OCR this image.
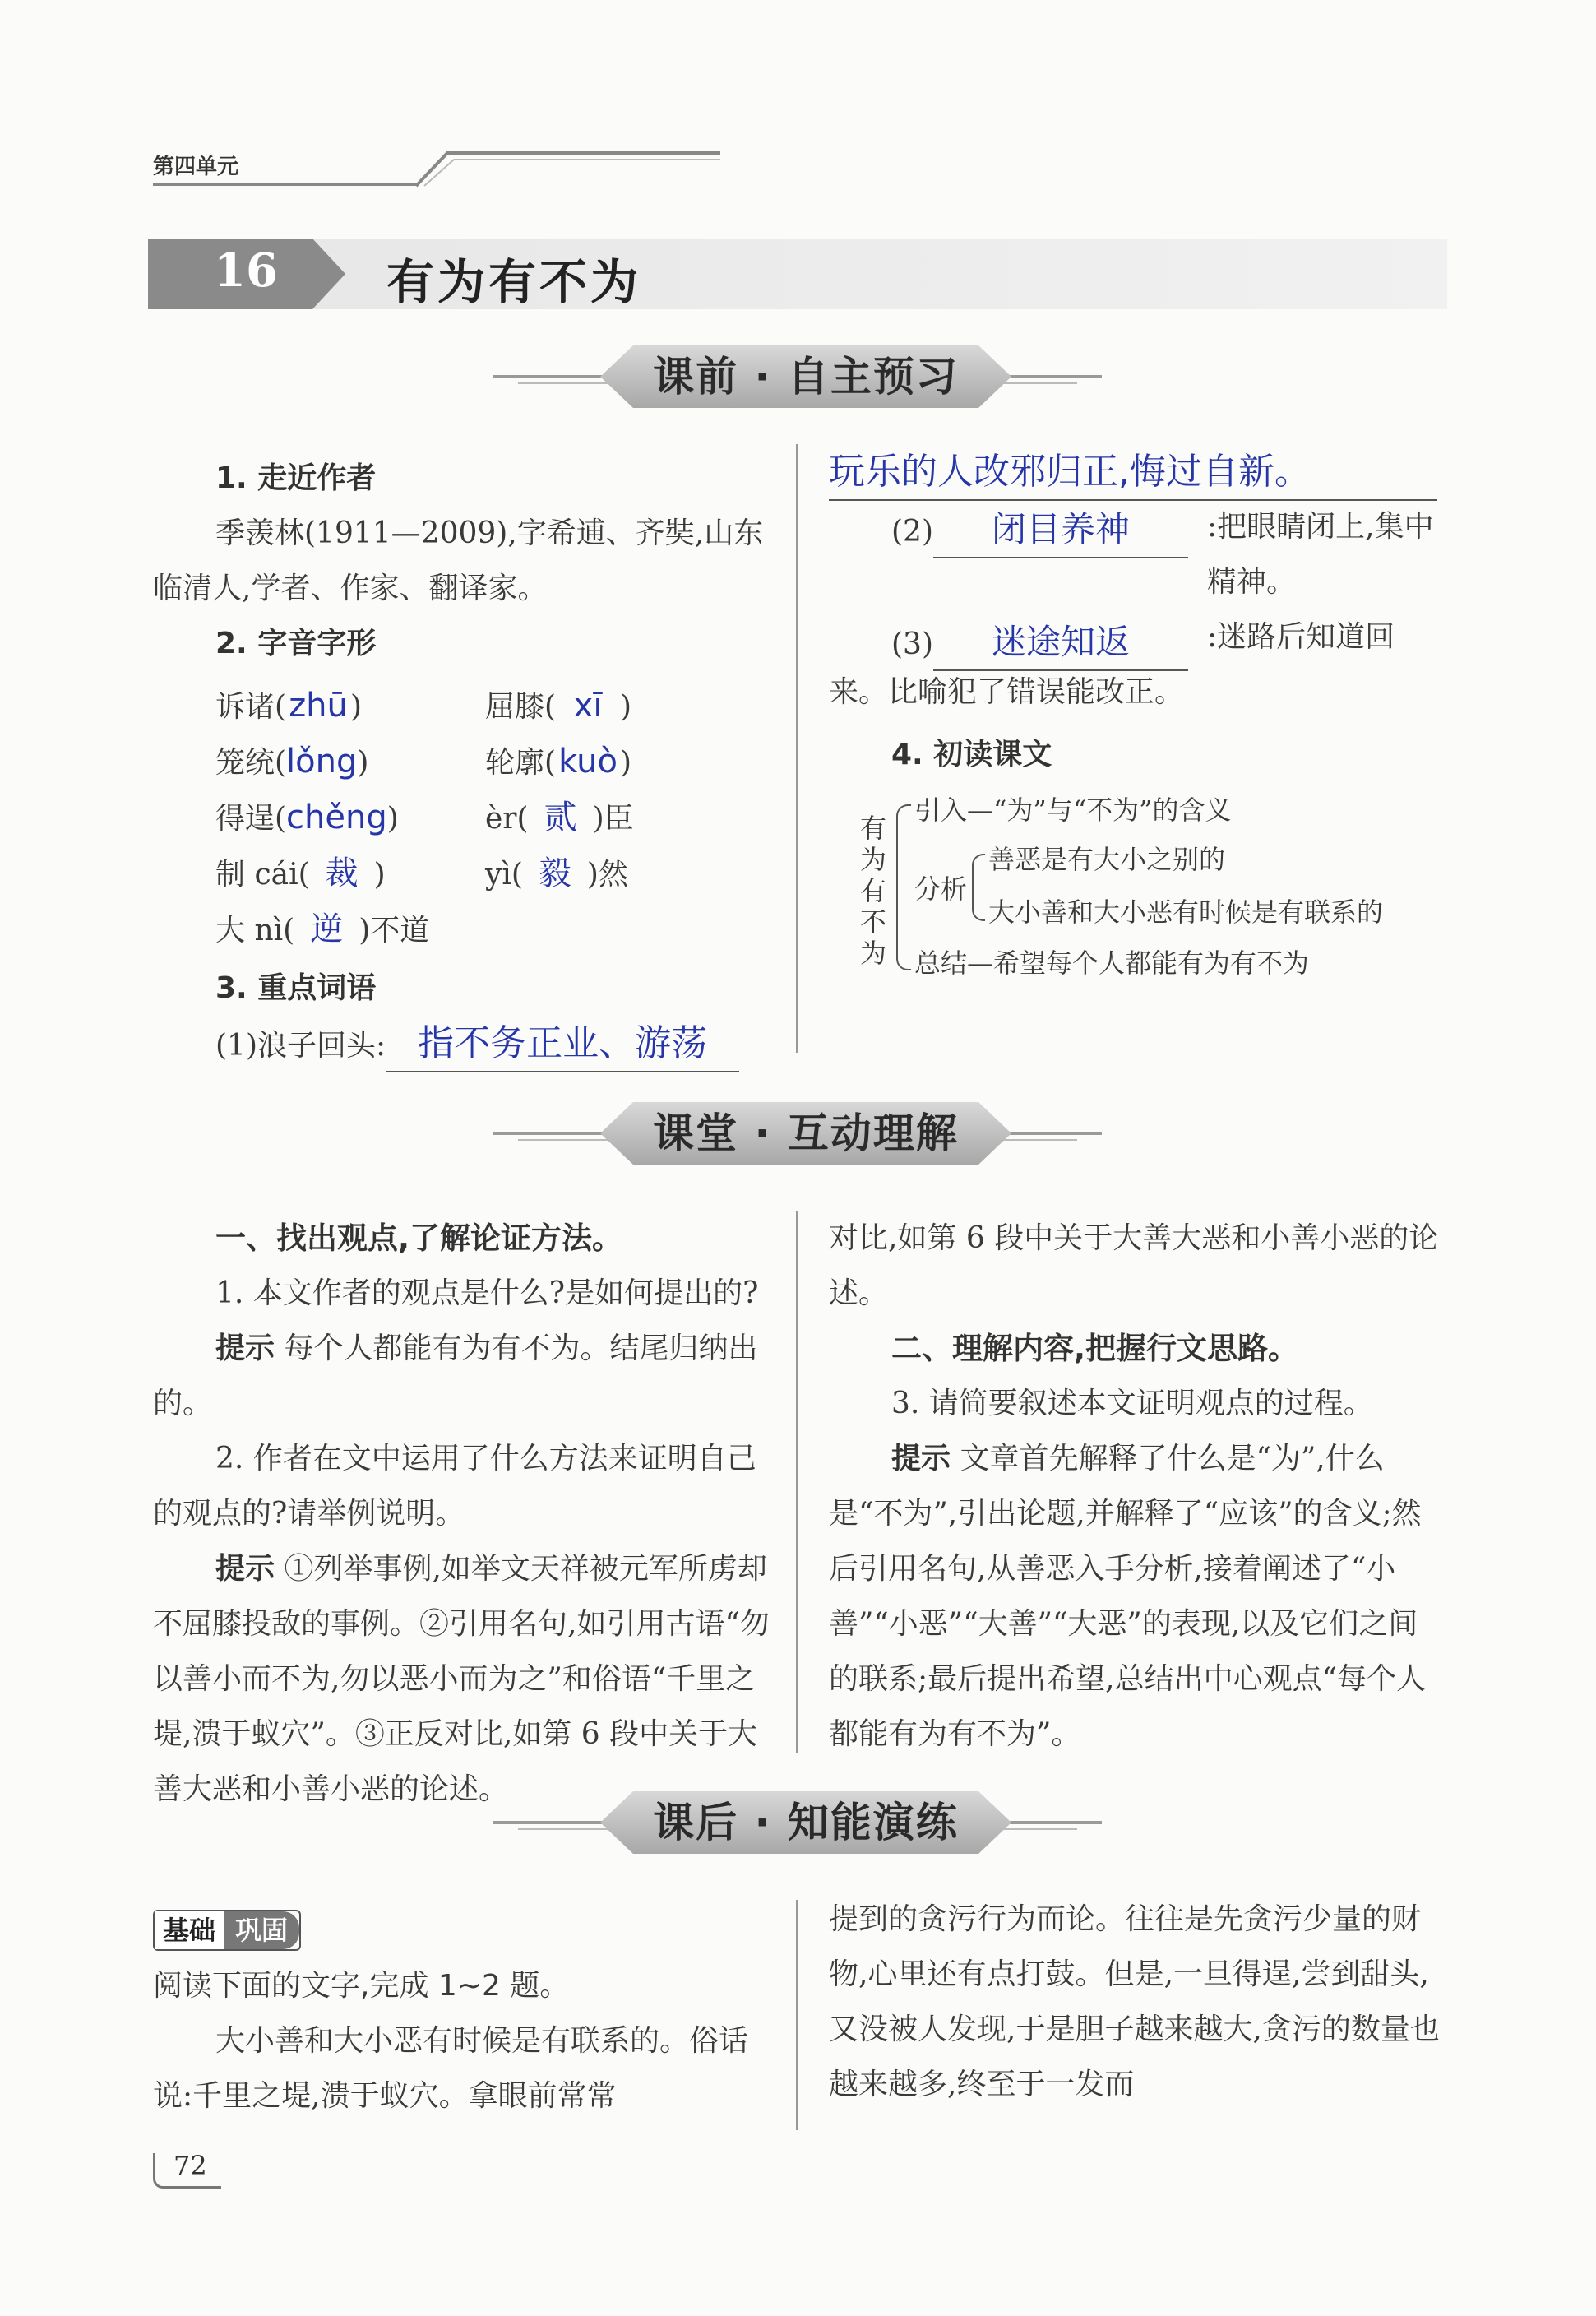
第四单元
16 有为有不为
课前 · 自主预习

1. 走近作者

季羡林(1911—2009),字希逋、齐奘,山东临清人,学者、作家、翻译家。

2. 字音字形

诉诸(zhū)	屈膝( xī )
笼统(lǒng)	轮廓(kuò)
得逞(chěng)	èr( 贰 )臣
制 cái( 裁 )	yì( 毅 )然
大 nì( 逆 )不道

3. 重点词语

(1)浪子回头: 指不务正业、游荡

玩乐的人改邪归正,悔过自新。

(2) 闭目养神	:把眼睛闭上,集中精神。

(3) 迷途知返	:迷路后知道回来。比喻犯了错误能改正。

4. 初读课文

有为有不为
引入—“为”与“不为”的含义
分析
善恶是有大小之别的
大小善和大小恶有时候是有联系的
总结—希望每个人都能有为有不为
课堂 · 互动理解

一、找出观点,了解论证方法。

1. 本文作者的观点是什么?是如何提出的?

提示 每个人都能有为有不为。结尾归纳出的。

2. 作者在文中运用了什么方法来证明自己的观点的?请举例说明。

提示 ①列举事例,如举文天祥被元军所虏却不屈膝投敌的事例。②引用名句,如引用古语“勿以善小而不为,勿以恶小而为之”和俗语“千里之堤,溃于蚁穴”。③正反对比,如第 6 段中关于大善大恶和小善小恶的论述。

对比,如第 6 段中关于大善大恶和小善小恶的论述。

二、理解内容,把握行文思路。

3. 请简要叙述本文证明观点的过程。

提示 文章首先解释了什么是“为”,什么是“不为”,引出论题,并解释了“应该”的含义;然后引用名句,从善恶入手分析,接着阐述了“小善”“小恶”“大善”“大恶”的表现,以及它们之间的联系;最后提出希望,总结出中心观点“每个人都能有为有不为”。

课后 · 知能演练
基础 巩固

阅读下面的文字,完成 1~2 题。

大小善和大小恶有时候是有联系的。俗话说:千里之堤,溃于蚁穴。拿眼前常常

提到的贪污行为而论。往往是先贪污少量的财物,心里还有点打鼓。但是,一旦得逞,尝到甜头,又没被人发现,于是胆子越来越大,贪污的数量也越来越多,终至于一发而

72
